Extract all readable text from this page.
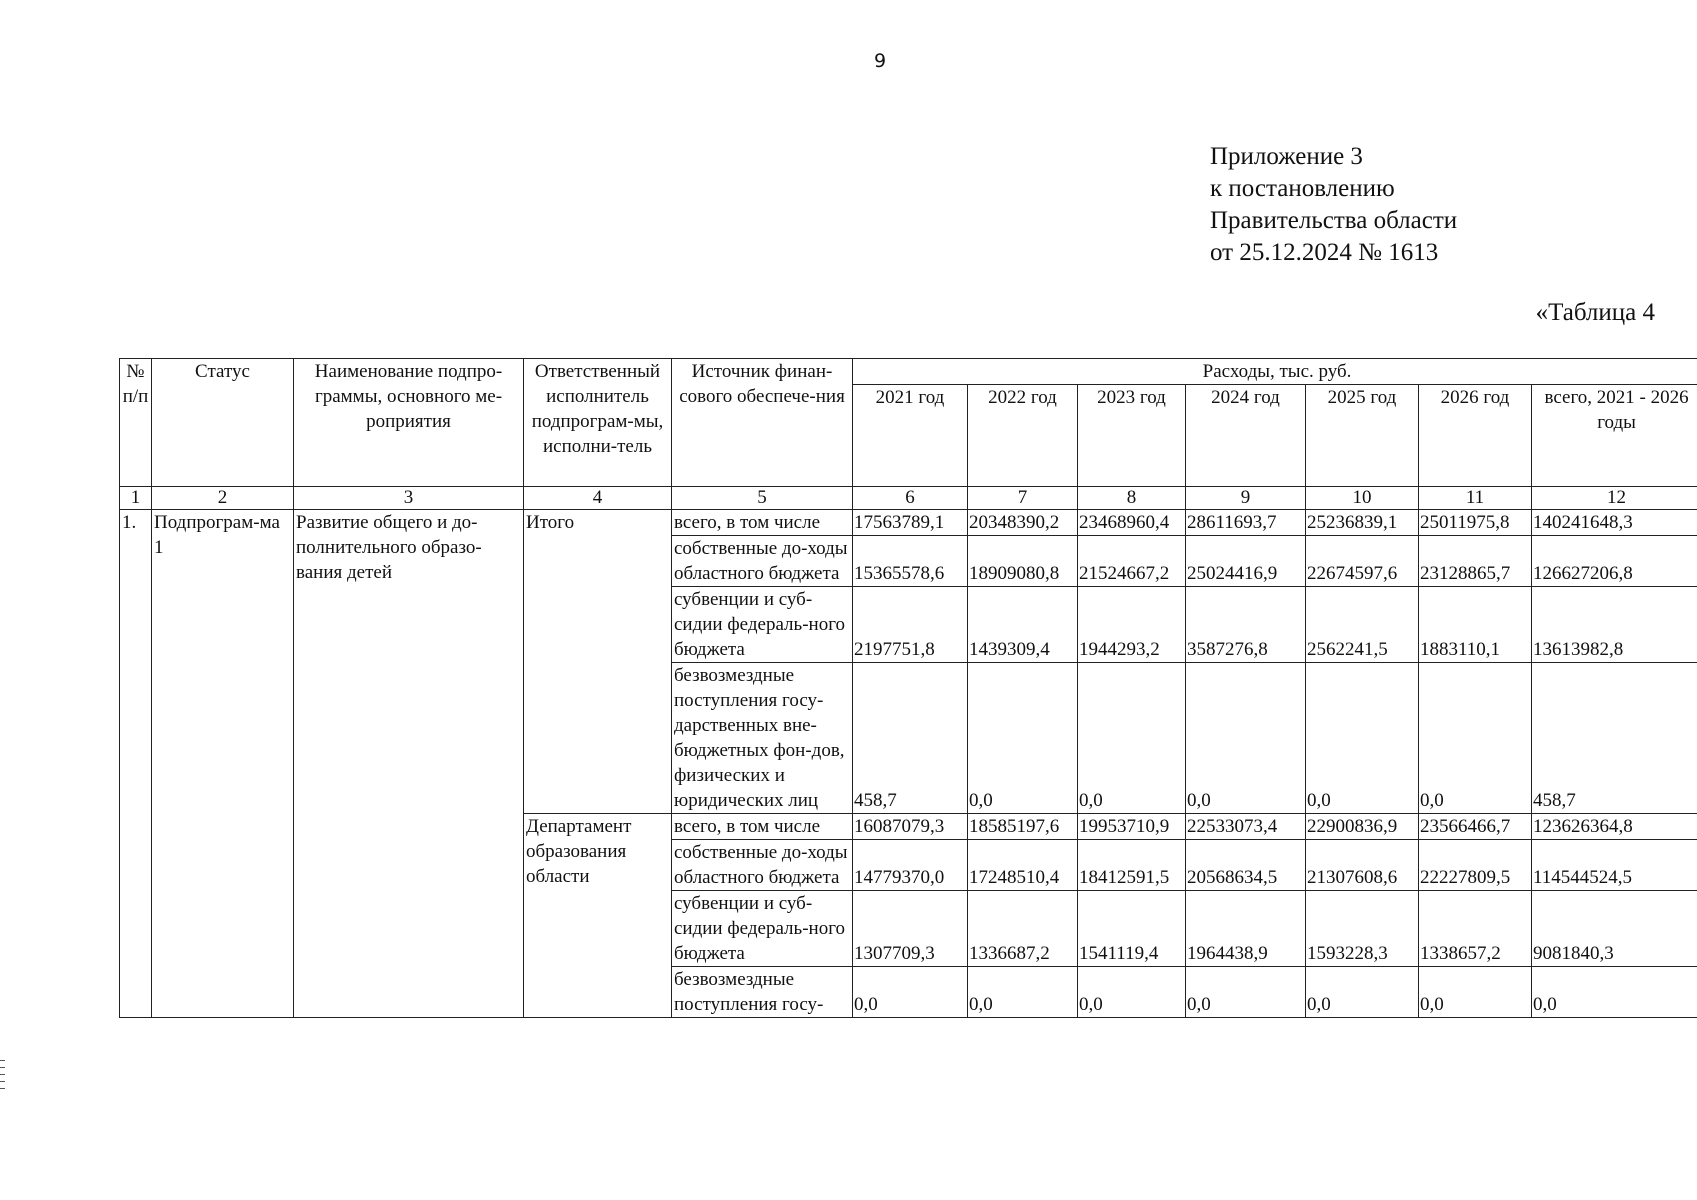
9
Приложение 3
к постановлению
Правительства области
от 25.12.2024 № 1613
«Таблица 4
№ п/п	Статус	Наименование подпро-граммы, основного ме-роприятия	Ответственный исполнитель подпрограм-мы, исполни-тель	Источник финан-сового обеспече-ния	Расходы, тыс. руб.						
					2021 год	2022 год	2023 год	2024 год	2025 год	2026 год	всего, 2021 - 2026 годы
1	2	3	4	5	6	7	8	9	10	11	12
1.	Подпрограм-ма 1	Развитие общего и до-полнительного образо-вания детей	Итого	всего, в том числе	17563789,1	20348390,2	23468960,4	28611693,7	25236839,1	25011975,8	140241648,3
				собственные до-ходы областного бюджета	15365578,6	18909080,8	21524667,2	25024416,9	22674597,6	23128865,7	126627206,8
				субвенции и суб-сидии федераль-ного бюджета	2197751,8	1439309,4	1944293,2	3587276,8	2562241,5	1883110,1	13613982,8
				безвозмездные поступления госу-дарственных вне-бюджетных фон-дов, физических и юридических лиц	458,7	0,0	0,0	0,0	0,0	0,0	458,7
			Департамент образования области	всего, в том числе	16087079,3	18585197,6	19953710,9	22533073,4	22900836,9	23566466,7	123626364,8
				собственные до-ходы областного бюджета	14779370,0	17248510,4	18412591,5	20568634,5	21307608,6	22227809,5	114544524,5
				субвенции и суб-сидии федераль-ного бюджета	1307709,3	1336687,2	1541119,4	1964438,9	1593228,3	1338657,2	9081840,3
				безвозмездные поступления госу-	0,0	0,0	0,0	0,0	0,0	0,0	0,0
